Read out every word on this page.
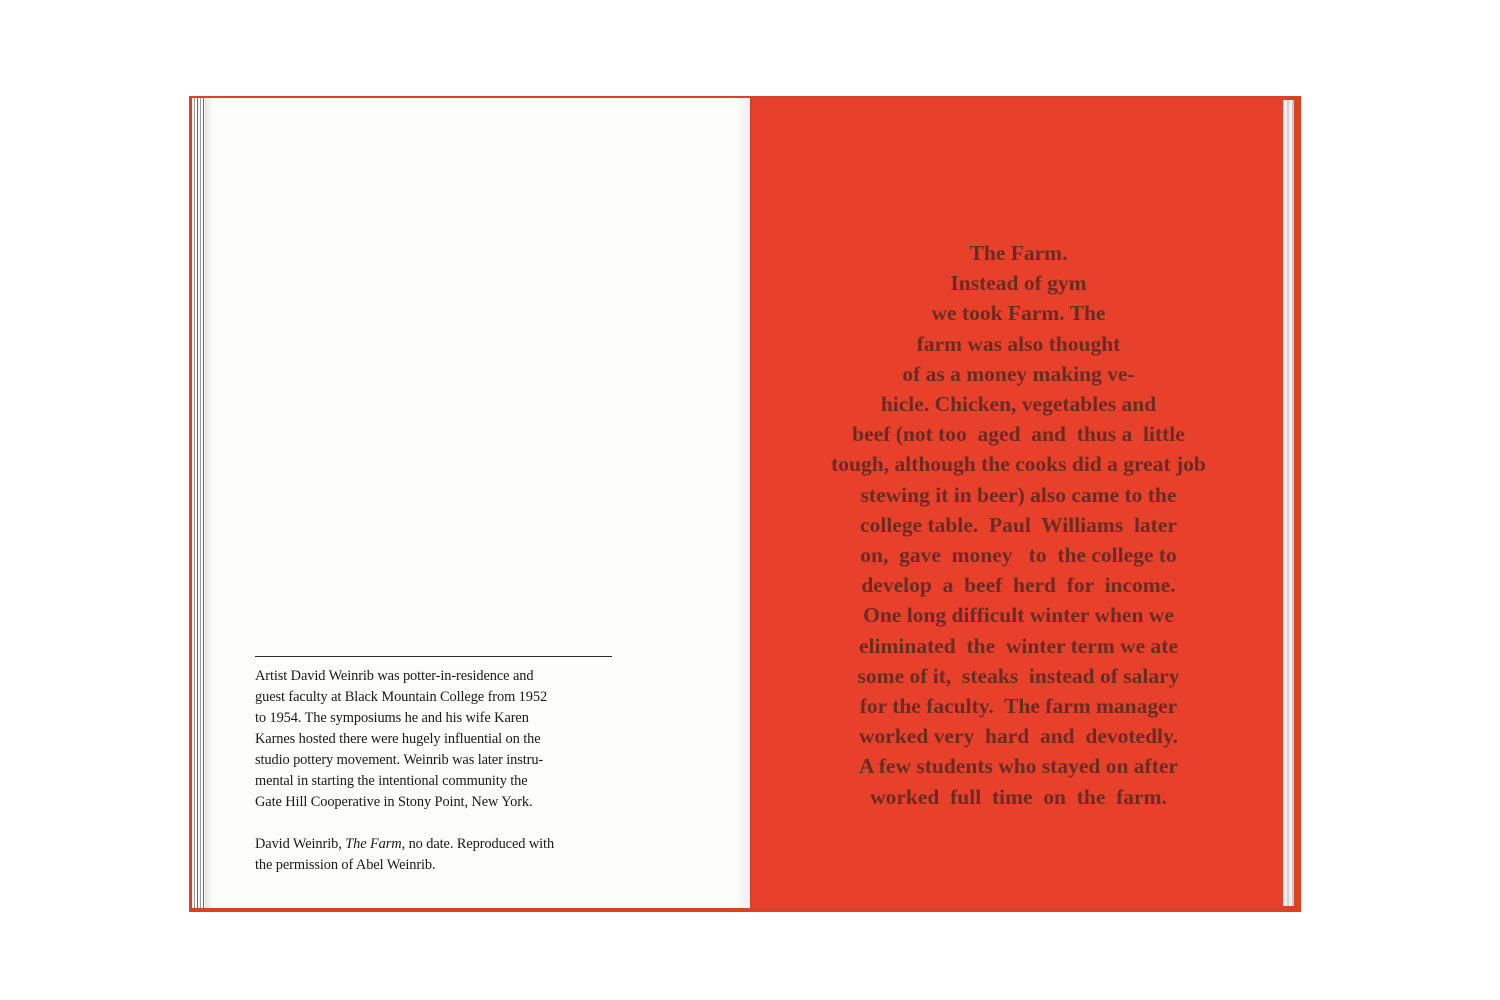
Artist David Weinrib was potter-in-residence and
guest faculty at Black Mountain College from 1952
to 1954. The symposiums he and his wife Karen
Karnes hosted there were hugely influential on the
studio pottery movement. Weinrib was later instru-
mental in starting the intentional community the
Gate Hill Cooperative in Stony Point, New York.

David Weinrib, The Farm, no date. Reproduced with
the permission of Abel Weinrib.

The Farm.
Instead of gym
we took Farm. The
farm was also thought
of as a money making ve-
hicle. Chicken, vegetables and
beef (not too  aged  and  thus a  little
tough, although the cooks did a great job
stewing it in beer) also came to the
college table.  Paul  Williams  later
on,  gave  money   to  the college to
develop  a  beef  herd  for  income.
One long difficult winter when we
eliminated  the  winter term we ate
some of it,  steaks  instead of salary
for the faculty.  The farm manager
worked very  hard  and  devotedly.
A few students who stayed on after
worked  full  time  on  the  farm.
